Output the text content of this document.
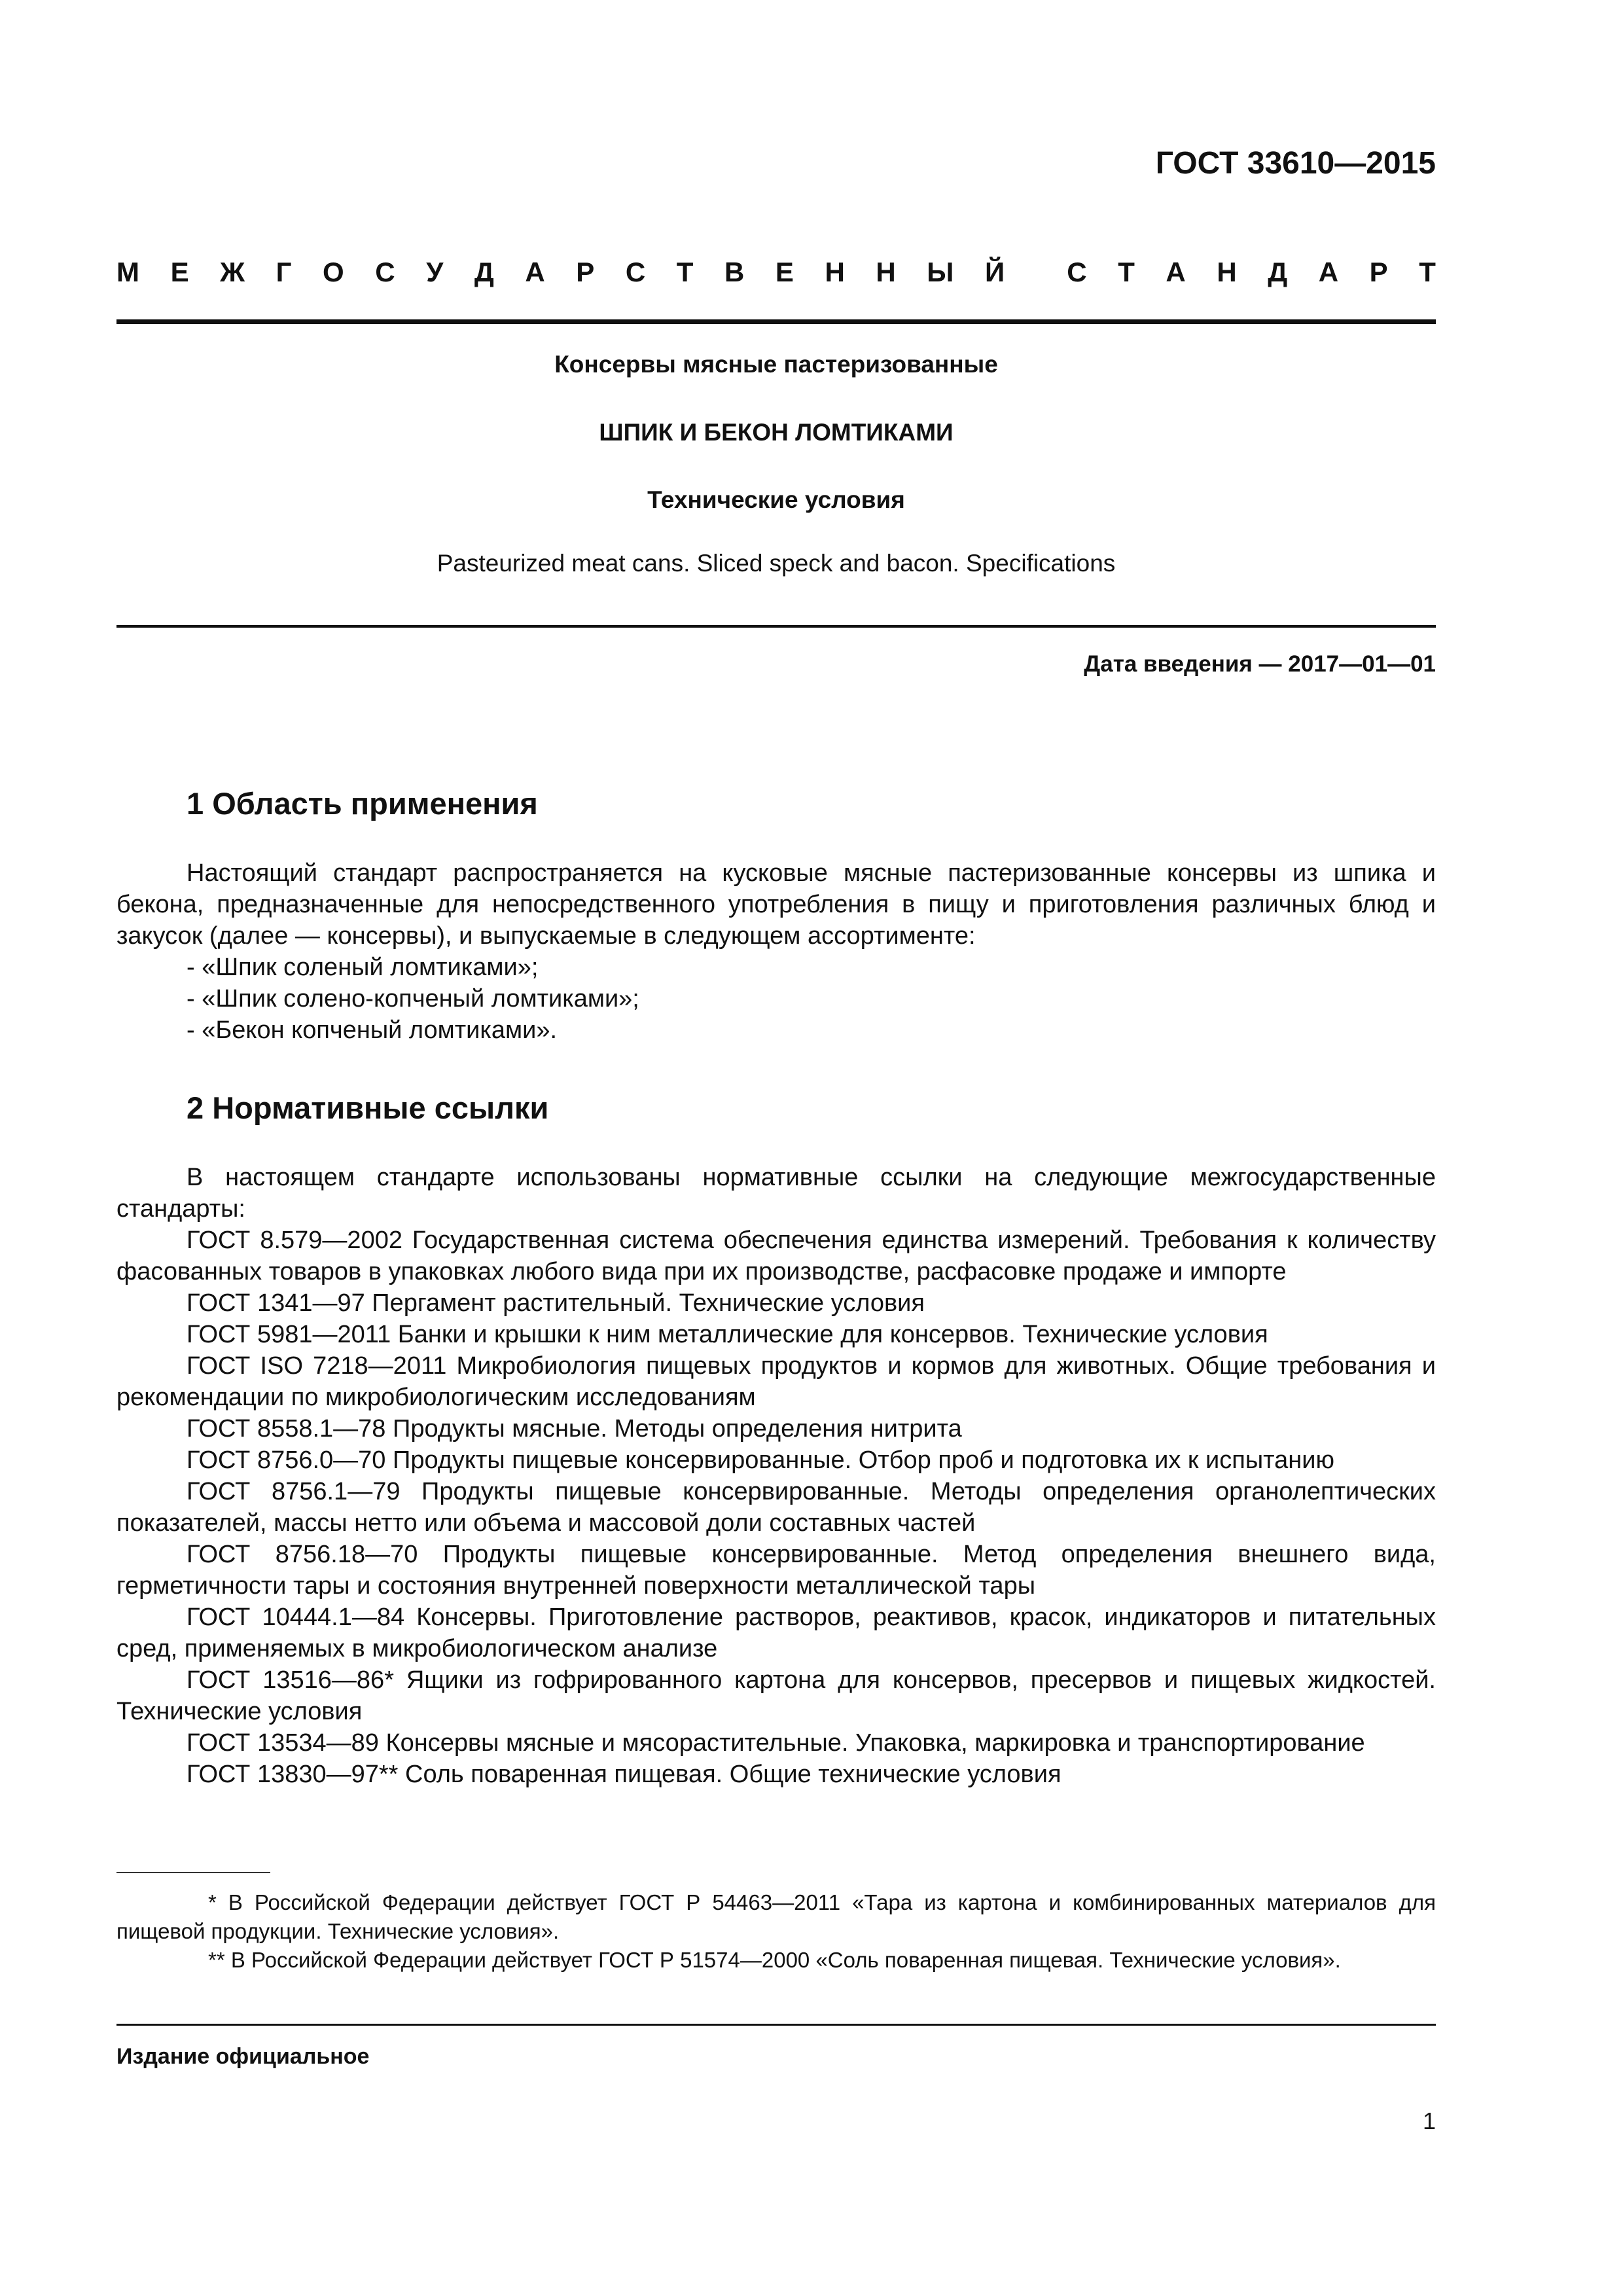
ГОСТ 33610—2015
М Е Ж Г О С У Д А Р С Т В Е Н Н Ы Й С Т А Н Д А Р Т
Консервы мясные пастеризованные
ШПИК И БЕКОН ЛОМТИКАМИ
Технические условия
Pasteurized meat cans. Sliced speck and bacon. Specifications
Дата введения — 2017—01—01
1 Область применения

Настоящий стандарт распространяется на кусковые мясные пастеризованные консервы из шпика и бекона, предназначенные для непосредственного употребления в пищу и приготовления различных блюд и закусок (далее — консервы), и выпускаемые в следующем ассортименте:

- «Шпик соленый ломтиками»;

- «Шпик солено-копченый ломтиками»;

- «Бекон копченый ломтиками».

2 Нормативные ссылки

В настоящем стандарте использованы нормативные ссылки на следующие межгосударственные стандарты:

ГОСТ 8.579—2002 Государственная система обеспечения единства измерений. Требования к количеству фасованных товаров в упаковках любого вида при их производстве, расфасовке продаже и импорте

ГОСТ 1341—97 Пергамент растительный. Технические условия

ГОСТ 5981—2011 Банки и крышки к ним металлические для консервов. Технические условия

ГОСТ ISO 7218—2011 Микробиология пищевых продуктов и кормов для животных. Общие требования и рекомендации по микробиологическим исследованиям

ГОСТ 8558.1—78 Продукты мясные. Методы определения нитрита

ГОСТ 8756.0—70 Продукты пищевые консервированные. Отбор проб и подготовка их к испытанию

ГОСТ 8756.1—79 Продукты пищевые консервированные. Методы определения органолептических показателей, массы нетто или объема и массовой доли составных частей

ГОСТ 8756.18—70 Продукты пищевые консервированные. Метод определения внешнего вида, герметичности тары и состояния внутренней поверхности металлической тары

ГОСТ 10444.1—84 Консервы. Приготовление растворов, реактивов, красок, индикаторов и питательных сред, применяемых в микробиологическом анализе

ГОСТ 13516—86* Ящики из гофрированного картона для консервов, пресервов и пищевых жидкостей. Технические условия

ГОСТ 13534—89 Консервы мясные и мясорастительные. Упаковка, маркировка и транспортирование

ГОСТ 13830—97** Соль поваренная пищевая. Общие технические условия

* В Российской Федерации действует ГОСТ Р 54463—2011 «Тара из картона и комбинированных материалов для пищевой продукции. Технические условия».

** В Российской Федерации действует ГОСТ Р 51574—2000 «Соль поваренная пищевая. Технические условия».

Издание официальное
1
